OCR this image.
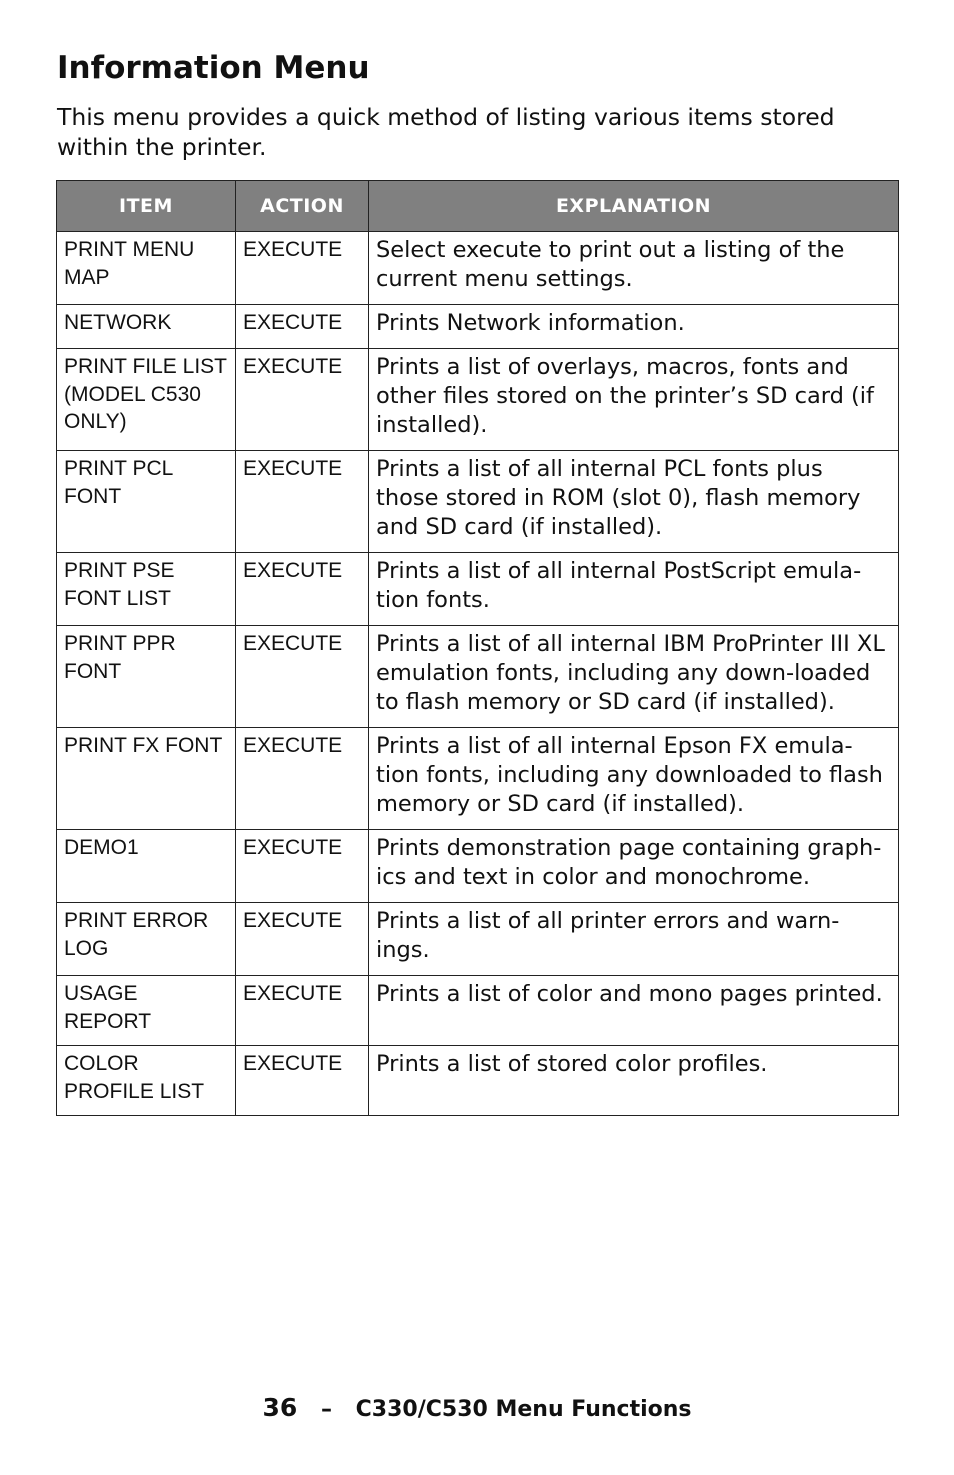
Information Menu

This menu provides a quick method of listing various items stored within the printer.

ITEM	ACTION	EXPLANATION
PRINT MENU MAP	EXECUTE	Select execute to print out a listing of the current menu settings.
NETWORK	EXECUTE	Prints Network information.
PRINT FILE LIST (MODEL C530 ONLY)	EXECUTE	Prints a list of overlays, macros, fonts and other files stored on the printer’s SD card (if installed).
PRINT PCL FONT	EXECUTE	Prints a list of all internal PCL fonts plus those stored in ROM (slot 0), flash memory and SD card (if installed).
PRINT PSE FONT LIST	EXECUTE	Prints a list of all internal PostScript emula-tion fonts.
PRINT PPR FONT	EXECUTE	Prints a list of all internal IBM ProPrinter III XL emulation fonts, including any down-loaded to flash memory or SD card (if installed).
PRINT FX FONT	EXECUTE	Prints a list of all internal Epson FX emula-tion fonts, including any downloaded to flash memory or SD card (if installed).
DEMO1	EXECUTE	Prints demonstration page containing graph-ics and text in color and monochrome.
PRINT ERROR LOG	EXECUTE	Prints a list of all printer errors and warn-ings.
USAGE REPORT	EXECUTE	Prints a list of color and mono pages printed.
COLOR PROFILE LIST	EXECUTE	Prints a list of stored color profiles.
36 – C330/C530 Menu Functions
